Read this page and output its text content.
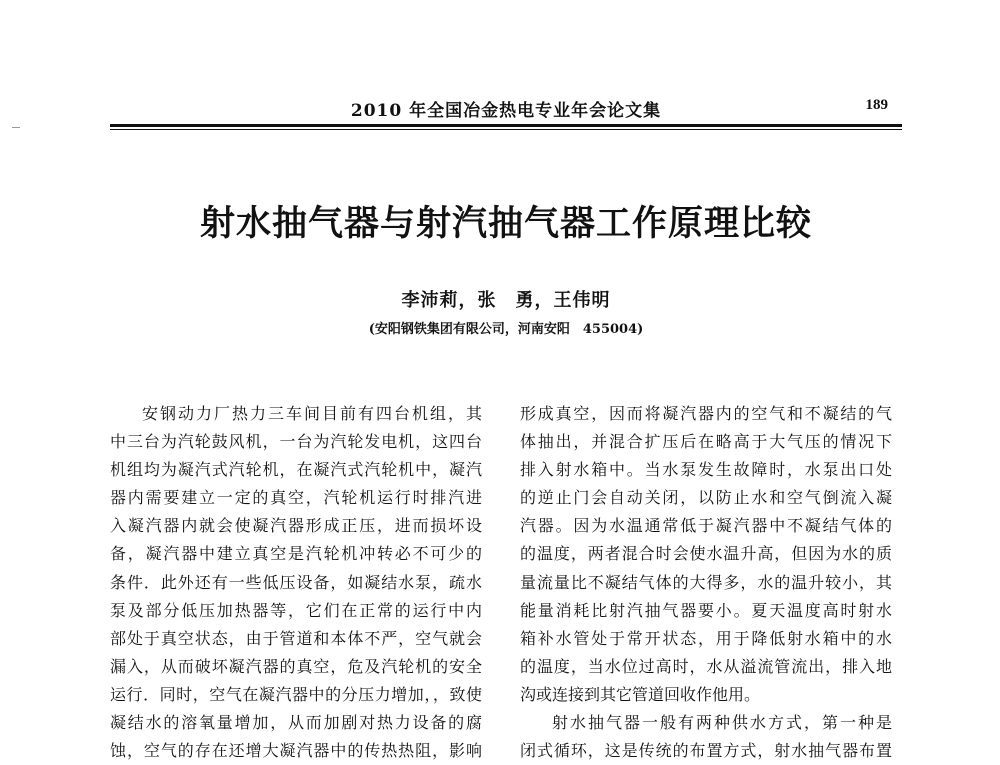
2010 年全国冶金热电专业年会论文集	189
射水抽气器与射汽抽气器工作原理比较
李沛莉，张　勇，王伟明
(安阳钢铁集团有限公司，河南安阳　455004)
安钢动力厂热力三车间目前有四台机组，其
中三台为汽轮鼓风机，一台为汽轮发电机，这四台
机组均为凝汽式汽轮机，在凝汽式汽轮机中，凝汽
器内需要建立一定的真空，汽轮机运行时排汽进
入凝汽器内就会使凝汽器形成正压，进而损坏设
备，凝汽器中建立真空是汽轮机冲转必不可少的
条件．此外还有一些低压设备，如凝结水泵，疏水
泵及部分低压加热器等，它们在正常的运行中内
部处于真空状态，由于管道和本体不严，空气就会
漏入，从而破坏凝汽器的真空，危及汽轮机的安全
运行．同时，空气在凝汽器中的分压力增加，，致使
凝结水的溶氧量增加，从而加剧对热力设备的腐
蚀，空气的存在还增大凝汽器中的传热热阻，影响
形成真空，因而将凝汽器内的空气和不凝结的气
体抽出，并混合扩压后在略高于大气压的情况下
排入射水箱中。当水泵发生故障时，水泵出口处
的逆止门会自动关闭，以防止水和空气倒流入凝
汽器。因为水温通常低于凝汽器中不凝结气体的
的温度，两者混合时会使水温升高，但因为水的质
量流量比不凝结气体的大得多，水的温升较小，其
能量消耗比射汽抽气器要小。夏天温度高时射水
箱补水管处于常开状态，用于降低射水箱中的水
的温度，当水位过高时，水从溢流管流出，排入地
沟或连接到其它管道回收作他用。
射水抽气器一般有两种供水方式，第一种是
闭式循环，这是传统的布置方式，射水抽气器布置
